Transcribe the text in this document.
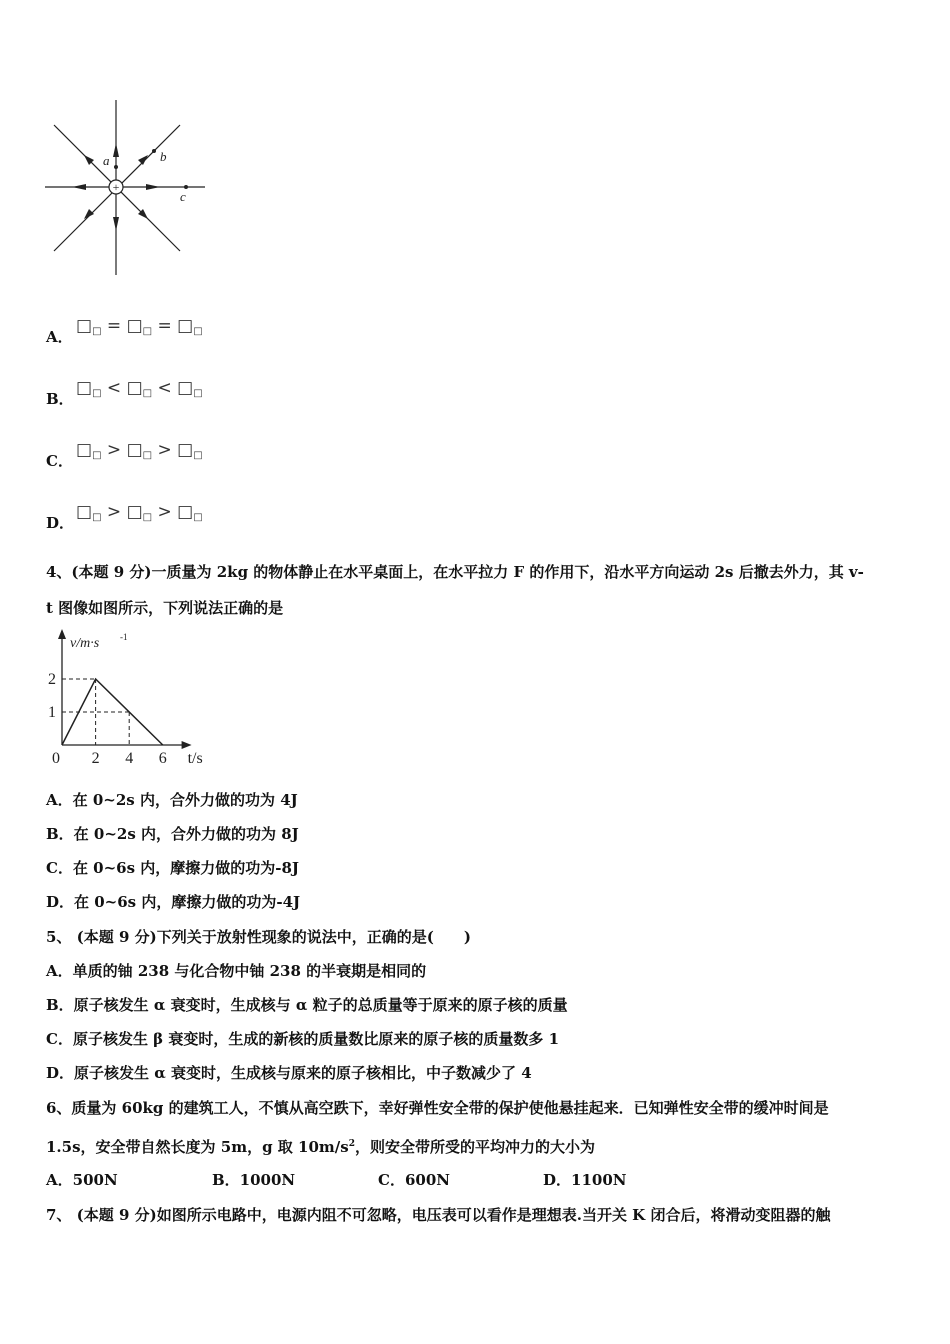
+
a	b
c
A．
$□_□$ = $□_□$ = $□_□$
B．
$□_□$ < $□_□$ < $□_□$
C．
$□_□$ > $□_□$ > $□_□$
D．
$□_□$ > $□_□$ > $□_□$
4、(本题 9 分)一质量为 2kg 的物体静止在水平桌面上，在水平拉力 F 的作用下，沿水平方向运动 2s 后撤去外力，其 v-
t 图像如图所示，下列说法正确的是
0 2 4 6
1
2
t/s
v/m·s -1
A．在 0~2s 内，合外力做的功为 4J
B．在 0~2s 内，合外力做的功为 8J
C．在 0~6s 内，摩擦力做的功为-8J
D．在 0~6s 内，摩擦力做的功为-4J
5、 (本题 9 分)下列关于放射性现象的说法中，正确的是(　　)
A．单质的铀 238 与化合物中铀 238 的半衰期是相同的
B．原子核发生 α 衰变时，生成核与 α 粒子的总质量等于原来的原子核的质量
C．原子核发生 β 衰变时，生成的新核的质量数比原来的原子核的质量数多 1
D．原子核发生 α 衰变时，生成核与原来的原子核相比，中子数减少了 4
6、质量为 60kg 的建筑工人，不慎从高空跌下，幸好弹性安全带的保护使他悬挂起来．已知弹性安全带的缓冲时间是
1.5s，安全带自然长度为 5m，g 取 $10m/s^2$，则安全带所受的平均冲力的大小为
A．500N	B．1000N	C．600N	D．1100N
7、 (本题 9 分)如图所示电路中，电源内阻不可忽略，电压表可以看作是理想表.当开关 K 闭合后，将滑动变阻器的触
